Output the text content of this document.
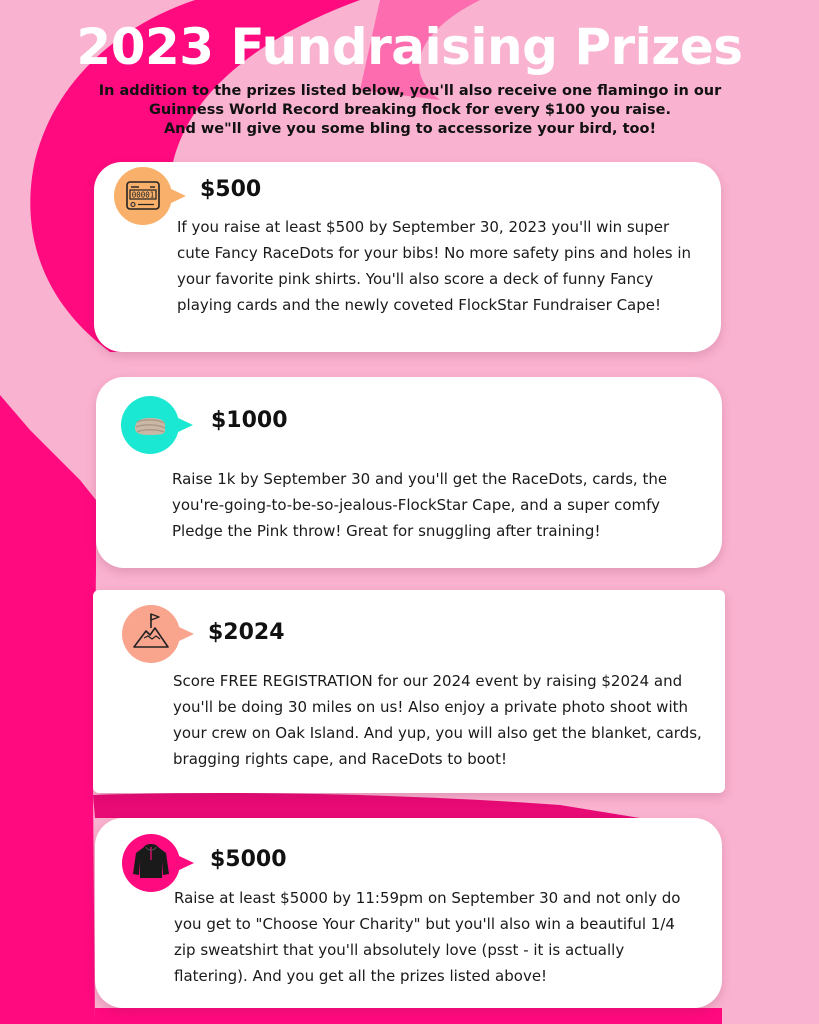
2023 Fundraising Prizes
In addition to the prizes listed below, you'll also receive one flamingo in our
Guinness World Record breaking flock for every $100 you raise.
And we"ll give you some bling to accessorize your bird, too!
00001 $500
If you raise at least $500 by September 30, 2023 you'll win super cute Fancy RaceDots for your bibs! No more safety pins and holes in your favorite pink shirts. You'll also score a deck of funny Fancy playing cards and the newly coveted FlockStar Fundraiser Cape!
$1000
Raise 1k by September 30 and you'll get the RaceDots, cards, the you're-going-to-be-so-jealous-FlockStar Cape, and a super comfy Pledge the Pink throw! Great for snuggling after training!
$2024
Score FREE REGISTRATION for our 2024 event by raising $2024 and you'll be doing 30 miles on us! Also enjoy a private photo shoot with your crew on Oak Island. And yup, you will also get the blanket, cards, bragging rights cape, and RaceDots to boot!
$5000
Raise at least $5000 by 11:59pm on September 30 and not only do you get to "Choose Your Charity" but you'll also win a beautiful 1/4 zip sweatshirt that you'll absolutely love (psst - it is actually flatering). And you get all the prizes listed above!
